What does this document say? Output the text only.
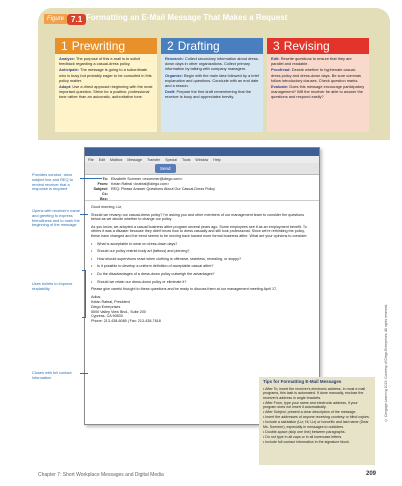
Figure 7.1 Formatting an E-Mail Message That Makes a Request
1 Prewriting

Analyze: The purpose of this e-mail is to solicit feedback regarding a casual-dress policy.

Anticipate: The message is going to a subordinate who is busy but probably eager to be consulted in this policy matter.

Adapt: Use a direct approach beginning with the most important question. Strive for a positive, professional tone rather than an autocratic, authoritative tone.

2 Drafting

Research: Collect secondary information about dress-down days in other organizations. Collect primary information by talking with company managers.

Organize: Begin with the main idea followed by a brief explanation and questions. Conclude with an end date and a reason.

Draft: Prepare the first draft remembering that the receiver is busy and appreciates brevity.

3 Revising

Edit: Rewrite questions to ensure that they are parallel and readable.

Proofread: Decide whether to hyphenate casual-dress policy and dress-down days. Be sure commas follow introductory clauses. Check question marks.

Evaluate: Does this message encourage participatory management? Will the receiver be able to answer the questions and respond easily?

File Edit Mailbox Message Transfer Special Tools Window Help
Send
To: Elizabeth Sommer <esommer@diego.com>
From: Kelan Rafeal <krafeal@diego.com>
Subject: REQ: Please Answer Questions About Our Casual-Dress Policy
Cc:
Bcc:

Good morning, Liz,

Should we revamp our casual-dress policy? I'm asking you and other members of our management team to consider the questions below as we decide whether to change our policy.

As you know, we adopted a casual business attire program several years ago. Some employees see it as an employment benefit. To others it was a disaster because they didn't know how to dress casually and still look professional. Since we're rethinking the policy, these have changed and the trend seems to be moving back toward more formal business attire. What are your opinions to consider:

•	What is acceptable to wear on dress-down days?
•	Should our policy restrict body art (tattoos) and piercing?
•	How should supervisors react when clothing is offensive, tasteless, revealing, or sloppy?
•	Is it possible to develop a uniform definition of acceptable casual attire?
•	Do the disadvantages of a dress-down policy outweigh the advantages?
•	Should we retain our dress-down policy or eliminate it?

Please give careful thought to these questions and be ready to discuss them at our management meeting April 17.

Adios,

Kelan Rafeal, President
Diego Enterprises
5000 Valley View Blvd., Suite 200
Cypress, CA 90630
Phone: 213-438-6085 | Fax: 213-438-7618
Provides concise, clear subject line and REQ to remind receiver that a response is required
Opens with receiver's name and greeting to express friendliness and to mark the beginning of the message
Uses bullets to improve readability
Closes with full contact information
Tips for Formatting E-Mail Messages
• After To, insert the receiver's electronic address. In most e-mail programs, this task is automated. If done manually, enclose the receiver's address in angle brackets.
• After From, type your name and electronic address, if your program does not insert it automatically.
• After Subject, present a clear description of the message.
• Insert the addresses of anyone receiving courtesy or blind copies.
• Include a salutation (Liz; Hi, Liz) or honorific and last name (Dear Ms. Sommer), especially in messages to outsiders.
• Double-space (skip one line) between paragraphs.
• Do not type in all caps or in all lowercase letters.
• Include full contact information in the signature block.
© Cengage Learning 2015. Courtesy of Diego Enterprises. All rights reserved.
Chapter 7: Short Workplace Messages and Digital Media	209
